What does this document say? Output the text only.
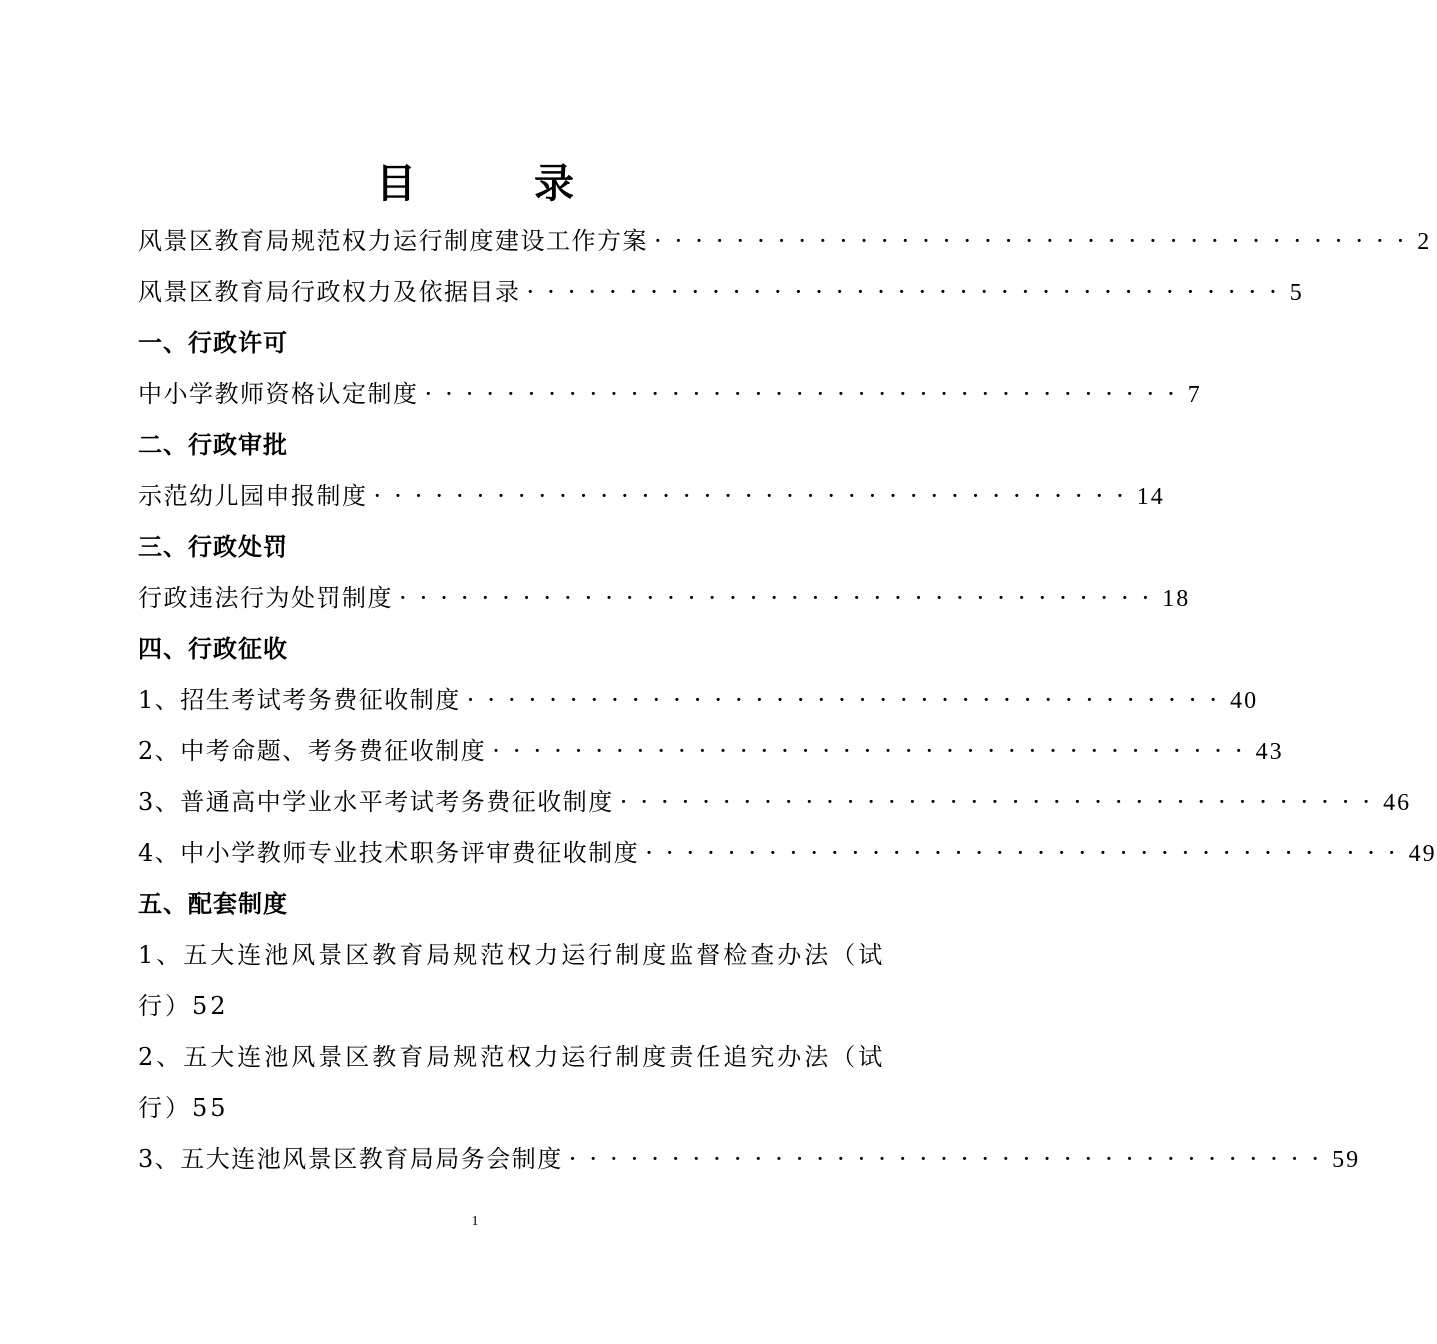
目 录
风景区教育局规范权力运行制度建设工作方案 ····································· 2
风景区教育局行政权力及依据目录 ····································· 5
一、行政许可
中小学教师资格认定制度 ····································· 7
二、行政审批
示范幼儿园申报制度 ····································· 14
三、行政处罚
行政违法行为处罚制度 ····································· 18
四、行政征收
1、招生考试考务费征收制度 ····································· 40
2、中考命题、考务费征收制度 ····································· 43
3、普通高中学业水平考试考务费征收制度 ····································· 46
4、中小学教师专业技术职务评审费征收制度 ····································· 49
五、配套制度
1、五大连池风景区教育局规范权力运行制度监督检查办法（试
行）52
2、五大连池风景区教育局规范权力运行制度责任追究办法（试
行）55
3、五大连池风景区教育局局务会制度 ····································· 59
1
